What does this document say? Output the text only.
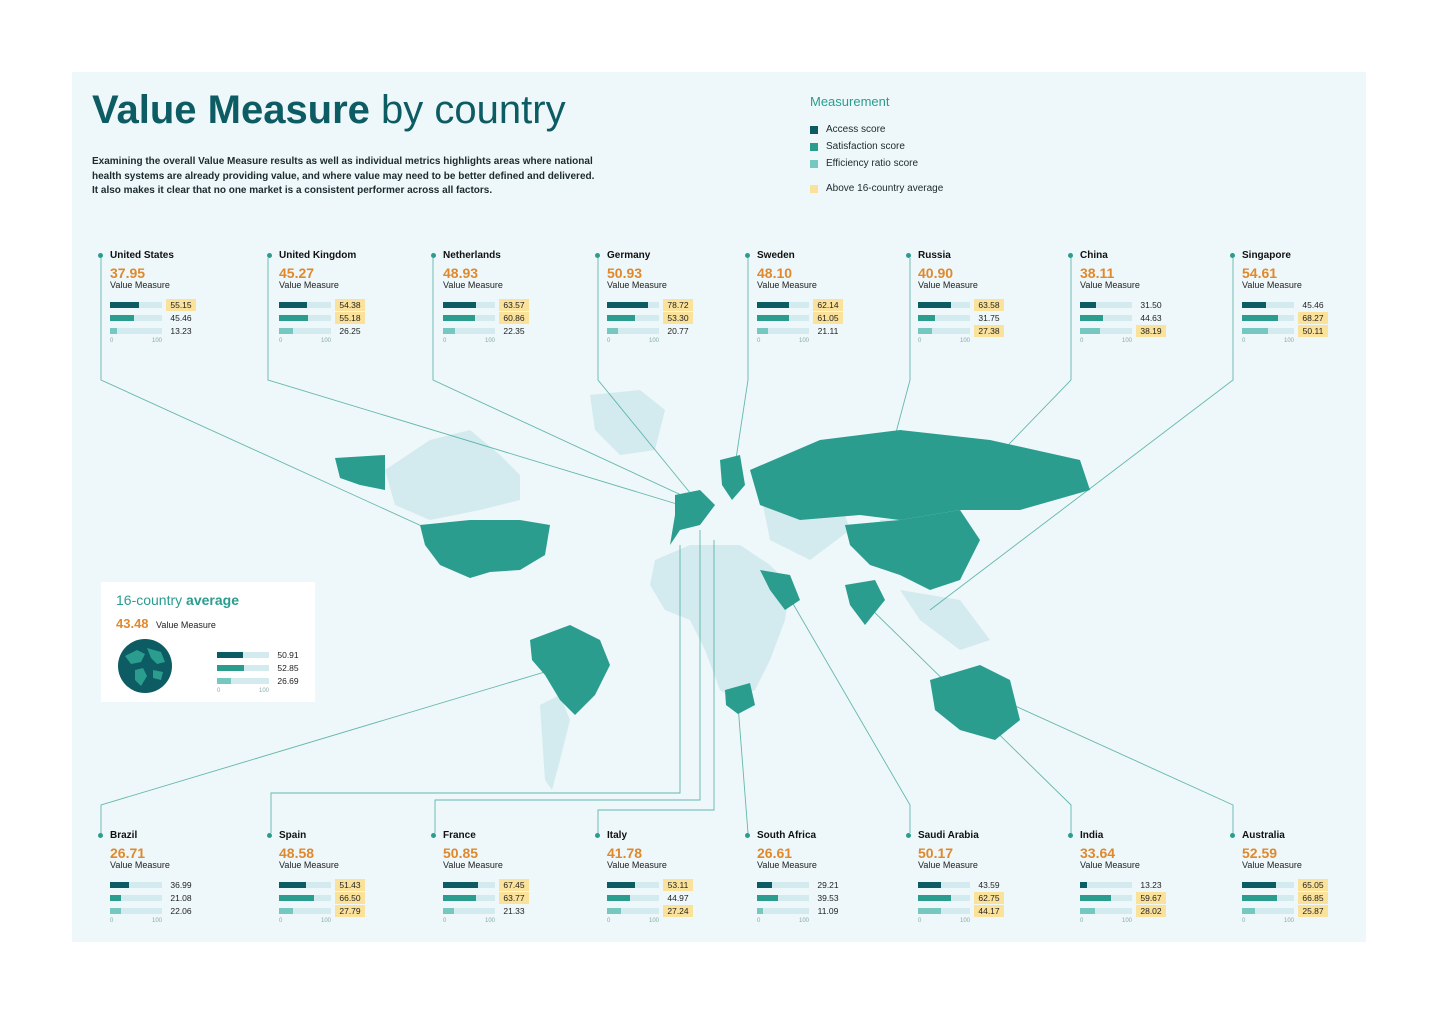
Value Measure by country

Examining the overall Value Measure results as well as individual metrics highlights areas where national health systems are already providing value, and where value may need to be better defined and delivered. It also makes it clear that no one market is a consistent performer across all factors.

Measurement
Access score
Satisfaction score
Efficiency ratio score
Above 16-country average
United States
37.95
Value Measure
55.15
45.46
13.23
0	100
United Kingdom
45.27
Value Measure
54.38
55.18
26.25
0	100
Netherlands
48.93
Value Measure
63.57
60.86
22.35
0	100
Germany
50.93
Value Measure
78.72
53.30
20.77
0	100
Sweden
48.10
Value Measure
62.14
61.05
21.11
0	100
Russia
40.90
Value Measure
63.58
31.75
27.38
0	100
China
38.11
Value Measure
31.50
44.63
38.19
0	100
Singapore
54.61
Value Measure
45.46
68.27
50.11
0	100
Brazil
26.71
Value Measure
36.99
21.08
22.06
0	100
Spain
48.58
Value Measure
51.43
66.50
27.79
0	100
France
50.85
Value Measure
67.45
63.77
21.33
0	100
Italy
41.78
Value Measure
53.11
44.97
27.24
0	100
South Africa
26.61
Value Measure
29.21
39.53
11.09
0	100
Saudi Arabia
50.17
Value Measure
43.59
62.75
44.17
0	100
India
33.64
Value Measure
13.23
59.67
28.02
0	100
Australia
52.59
Value Measure
65.05
66.85
25.87
0	100
16-country average
43.48 Value Measure
50.91
52.85
26.69
0	100
